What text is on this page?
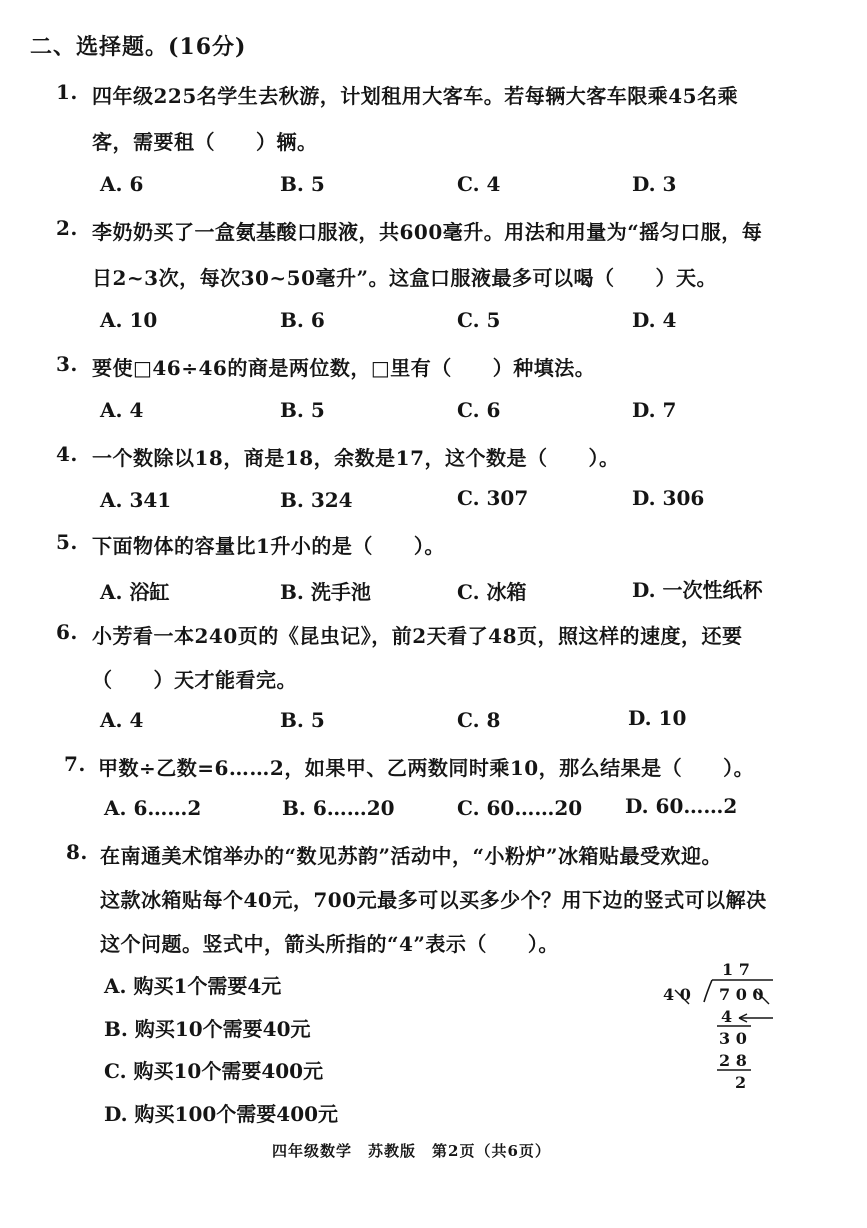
二、选择题。(16分)
1. 四年级225名学生去秋游，计划租用大客车。若每辆大客车限乘45名乘
客，需要租（　　）辆。
A. 6	B. 5	C. 4	D. 3
2. 李奶奶买了一盒氨基酸口服液，共600毫升。用法和用量为“摇匀口服，每
日2~3次，每次30~50毫升”。这盒口服液最多可以喝（　　）天。
A. 10	B. 6	C. 5	D. 4
3. 要使□46÷46的商是两位数，□里有（　　）种填法。
A. 4	B. 5	C. 6	D. 7
4. 一个数除以18，商是18，余数是17，这个数是（　　）。
A. 341	B. 324	C. 307	D. 306
5. 下面物体的容量比1升小的是（　　）。
A. 浴缸	B. 洗手池	C. 冰箱	D. 一次性纸杯
6. 小芳看一本240页的《昆虫记》，前2天看了48页，照这样的速度，还要
（　　）天才能看完。
A. 4	B. 5	C. 8	D. 10
7. 甲数÷乙数=6……2，如果甲、乙两数同时乘10，那么结果是（　　）。
A. 6……2	B. 6……20	C. 60……20 D. 60……2
8. 在南通美术馆举办的“数见苏韵”活动中，“小粉炉”冰箱贴最受欢迎。
这款冰箱贴每个40元，700元最多可以买多少个？用下边的竖式可以解决
这个问题。竖式中，箭头所指的“4”表示（　　）。
A. 购买1个需要4元
B. 购买10个需要40元
C. 购买10个需要400元
D. 购买100个需要400元
1 7
4 0 7 0 0
4
3 0
2 8
2
四年级数学　苏教版　第2页（共6页）
